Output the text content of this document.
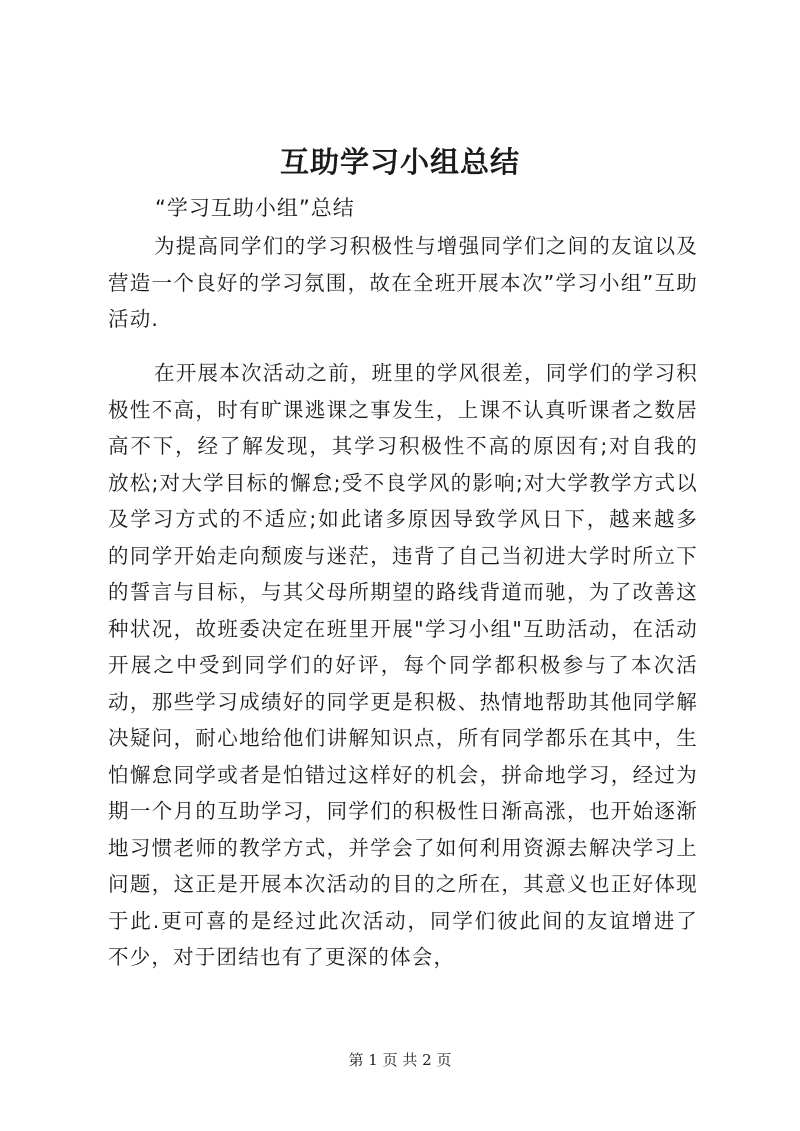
互助学习小组总结
“学习互助小组”总结
为提高同学们的学习积极性与增强同学们之间的友谊以及营造一个良好的学习氛围，故在全班开展本次”学习小组”互助活动.
在开展本次活动之前，班里的学风很差，同学们的学习积极性不高，时有旷课逃课之事发生，上课不认真听课者之数居高不下，经了解发现，其学习积极性不高的原因有;对自我的放松;对大学目标的懈怠;受不良学风的影响;对大学教学方式以及学习方式的不适应;如此诸多原因导致学风日下，越来越多的同学开始走向颓废与迷茫，违背了自己当初进大学时所立下的誓言与目标，与其父母所期望的路线背道而驰，为了改善这种状况，故班委决定在班里开展"学习小组"互助活动，在活动开展之中受到同学们的好评，每个同学都积极参与了本次活动，那些学习成绩好的同学更是积极、热情地帮助其他同学解决疑问，耐心地给他们讲解知识点，所有同学都乐在其中，生怕懈怠同学或者是怕错过这样好的机会，拼命地学习，经过为期一个月的互助学习，同学们的积极性日渐高涨，也开始逐渐地习惯老师的教学方式，并学会了如何利用资源去解决学习上问题，这正是开展本次活动的目的之所在，其意义也正好体现于此.更可喜的是经过此次活动，同学们彼此间的友谊增进了不少，对于团结也有了更深的体会，
第 1 页 共 2 页
